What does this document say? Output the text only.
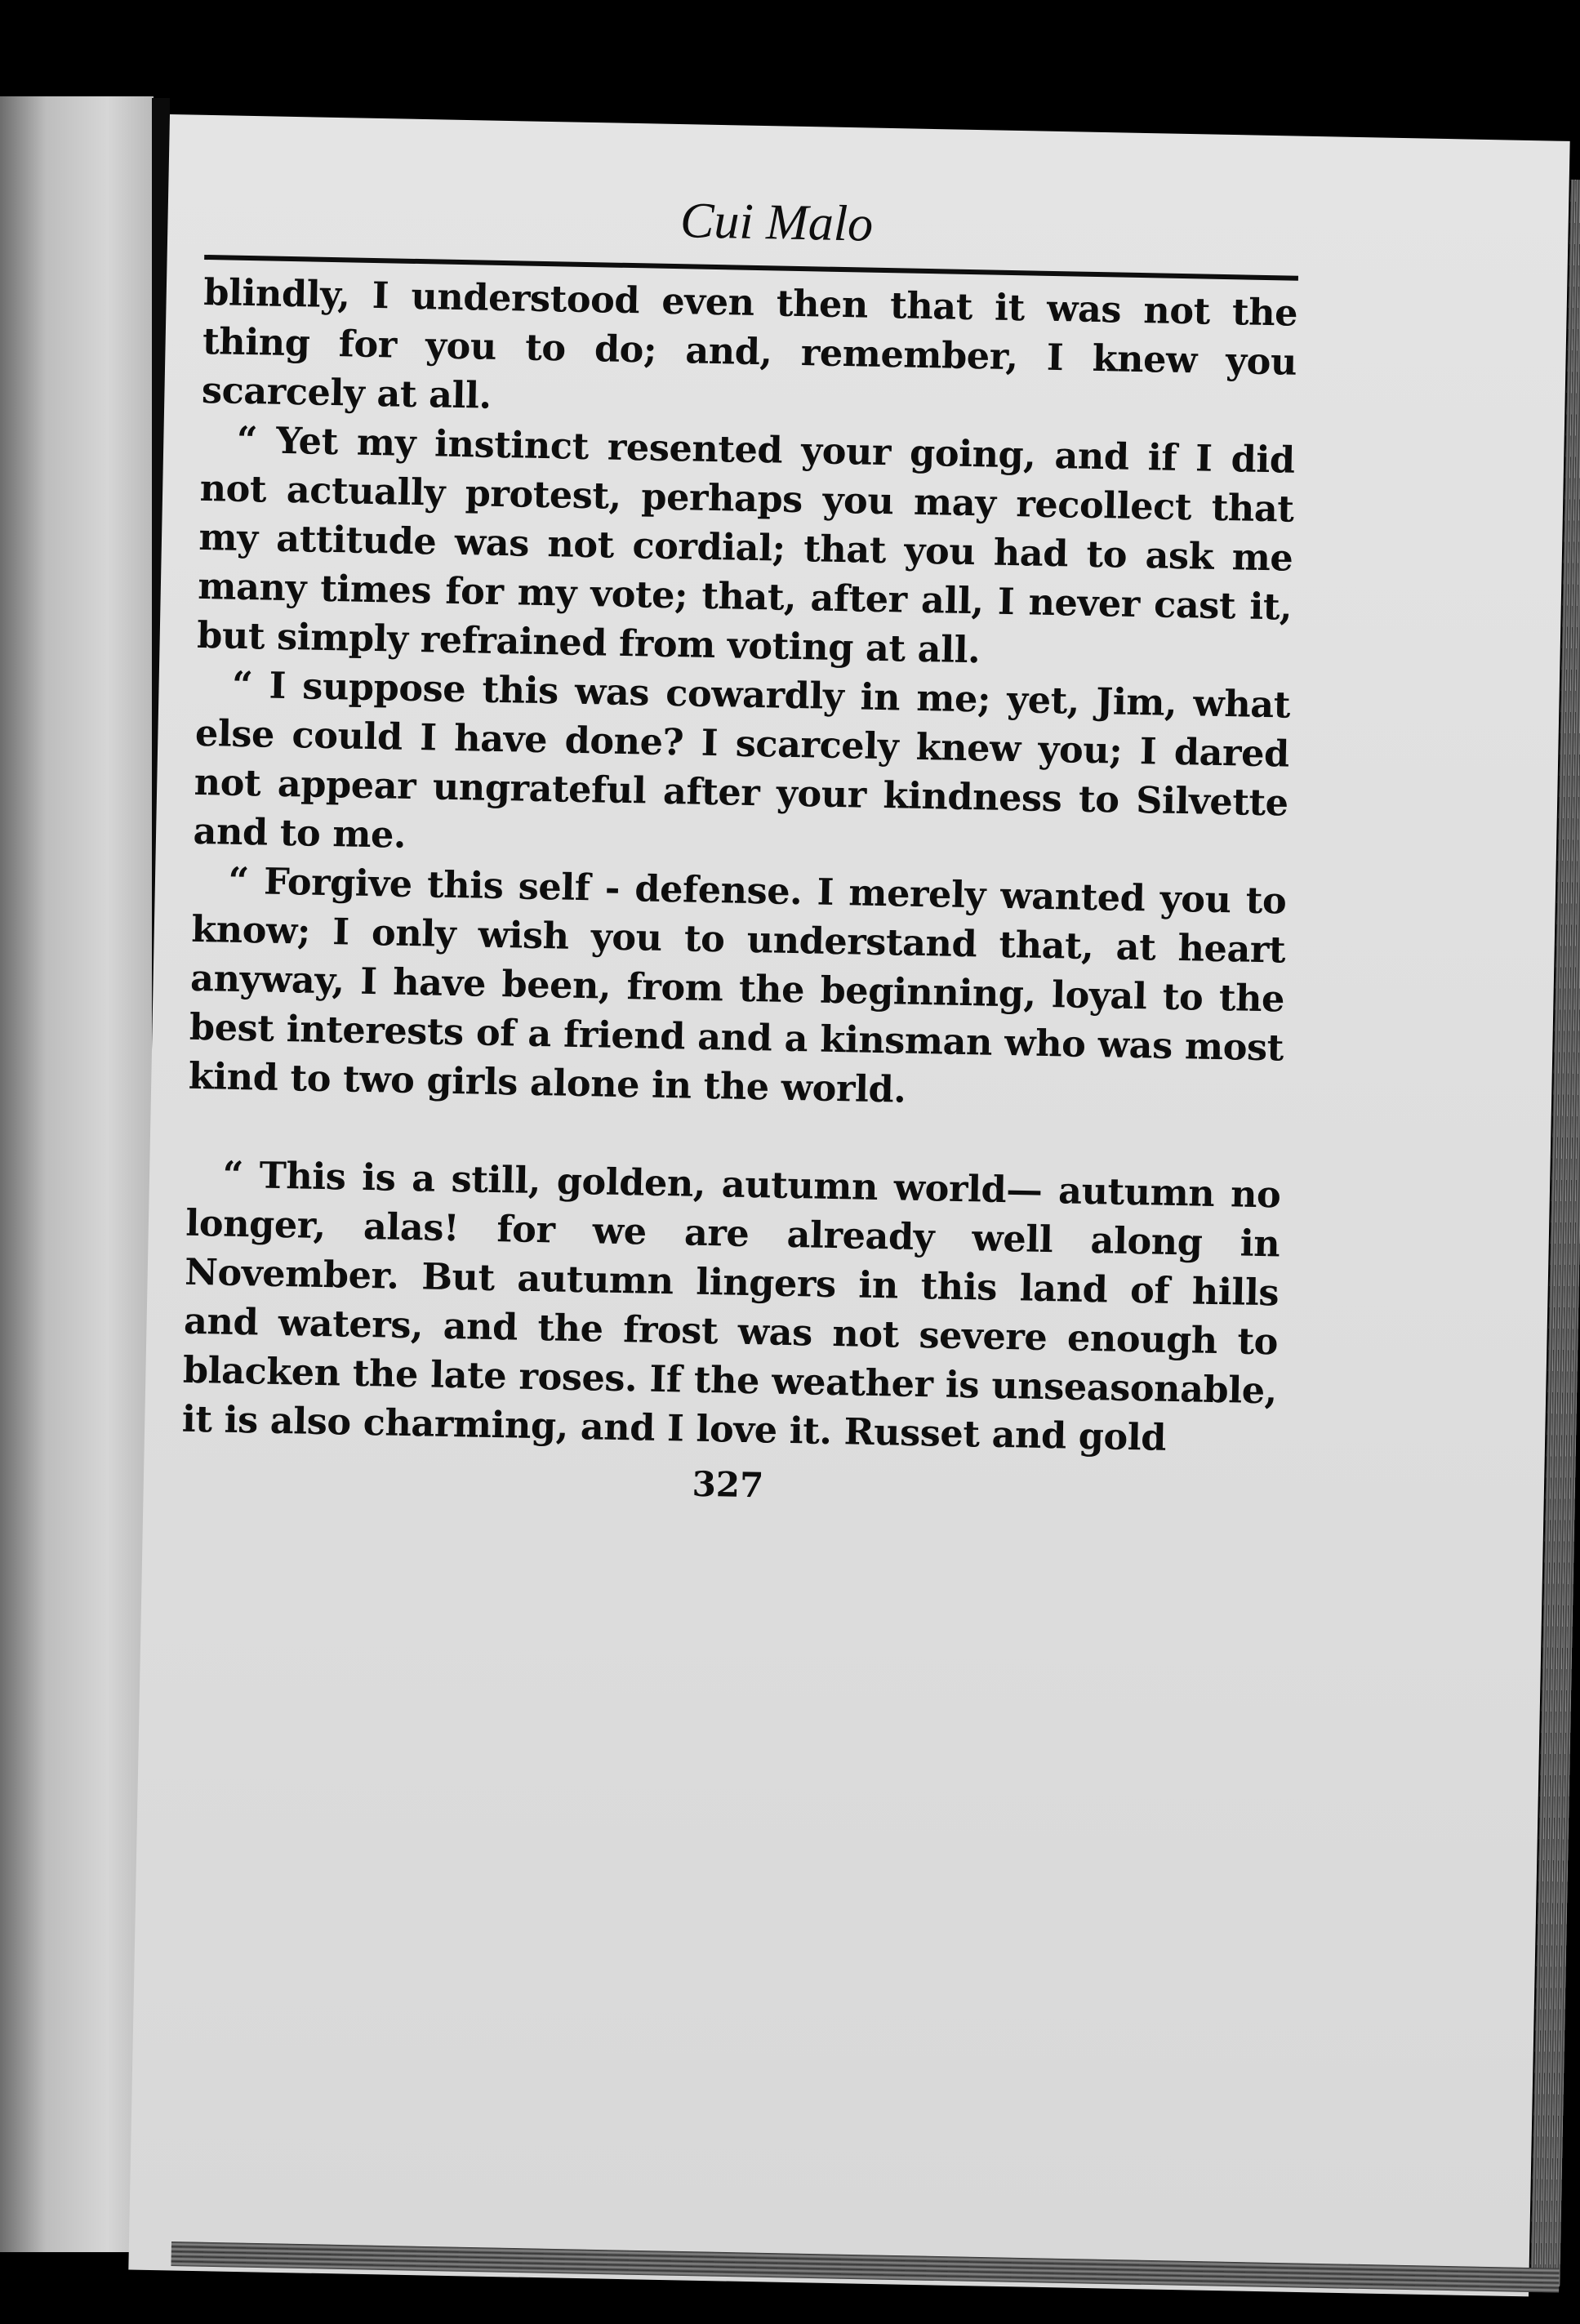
Cui Malo

blindly, I understood even then that it was not the thing for you to do; and, remember, I knew you scarcely at all.

“ Yet my instinct resented your going, and if I did not actually protest, perhaps you may recollect that my attitude was not cordial; that you had to ask me many times for my vote; that, after all, I never cast it, but simply refrained from voting at all.

“ I suppose this was cowardly in me; yet, Jim, what else could I have done? I scarcely knew you; I dared not appear ungrateful after your kindness to Silvette and to me.

“ Forgive this self - defense. I merely wanted you to know; I only wish you to understand that, at heart anyway, I have been, from the beginning, loyal to the best interests of a friend and a kinsman who was most kind to two girls alone in the world.

“ This is a still, golden, autumn world— autumn no longer, alas! for we are already well along in November. But autumn lingers in this land of hills and waters, and the frost was not severe enough to blacken the late roses. If the weather is unseasonable, it is also charming, and I love it. Russet and gold

327
